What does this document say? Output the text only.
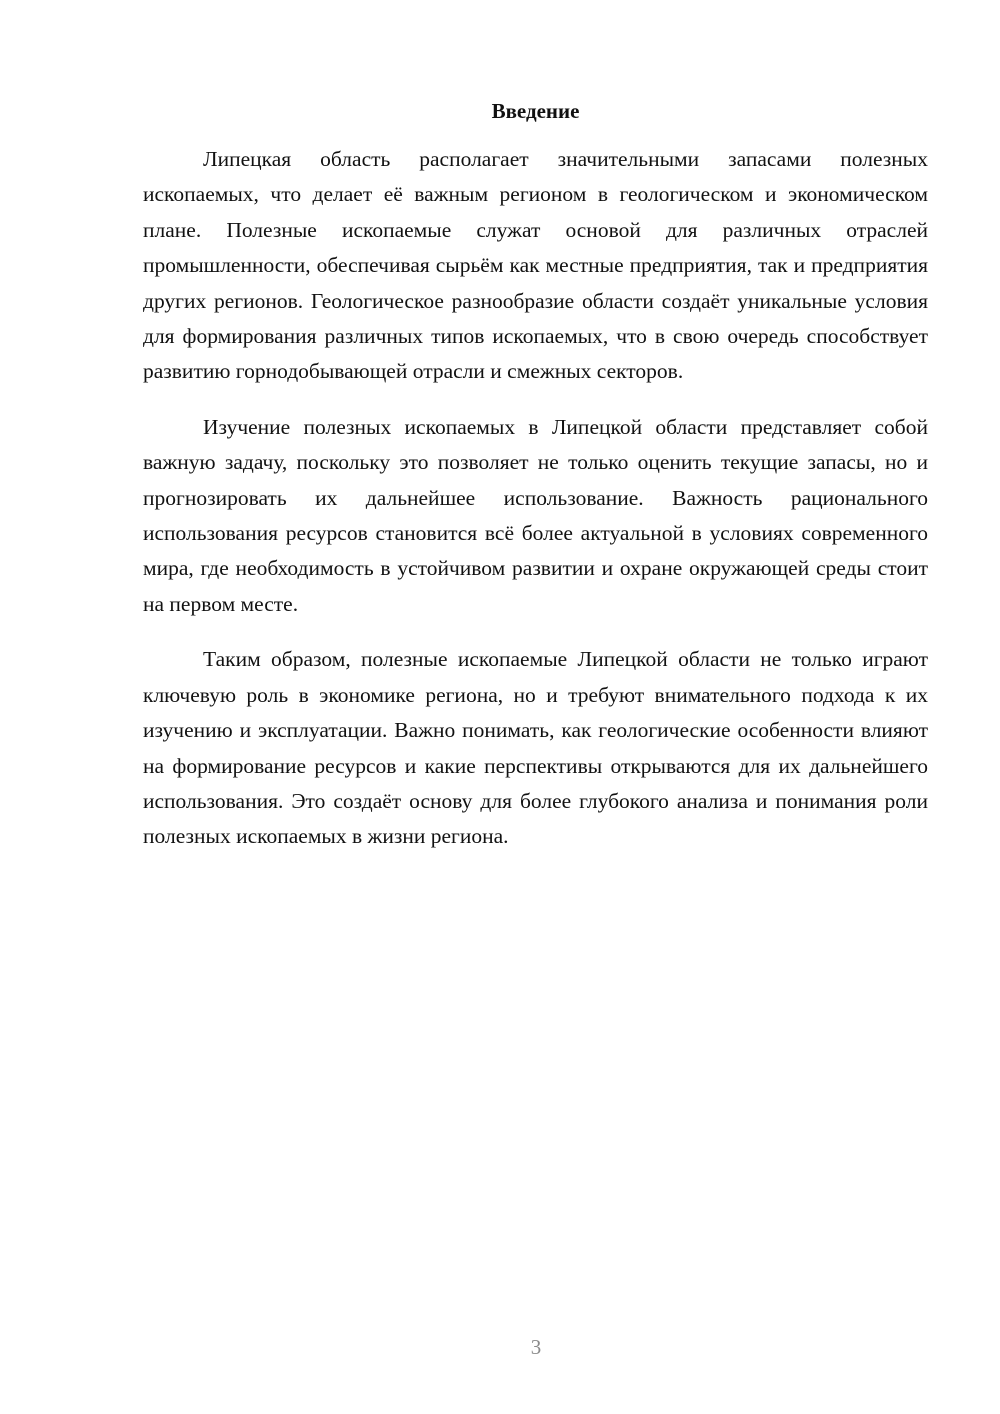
Введение

Липецкая область располагает значительными запасами полезных ископаемых, что делает её важным регионом в геологическом и экономическом плане. Полезные ископаемые служат основой для различных отраслей промышленности, обеспечивая сырьём как местные предприятия, так и предприятия других регионов. Геологическое разнообразие области создаёт уникальные условия для формирования различных типов ископаемых, что в свою очередь способствует развитию горнодобывающей отрасли и смежных секторов.

Изучение полезных ископаемых в Липецкой области представляет собой важную задачу, поскольку это позволяет не только оценить текущие запасы, но и прогнозировать их дальнейшее использование. Важность рационального использования ресурсов становится всё более актуальной в условиях современного мира, где необходимость в устойчивом развитии и охране окружающей среды стоит на первом месте.

Таким образом, полезные ископаемые Липецкой области не только играют ключевую роль в экономике региона, но и требуют внимательного подхода к их изучению и эксплуатации. Важно понимать, как геологические особенности влияют на формирование ресурсов и какие перспективы открываются для их дальнейшего использования. Это создаёт основу для более глубокого анализа и понимания роли полезных ископаемых в жизни региона.

3
